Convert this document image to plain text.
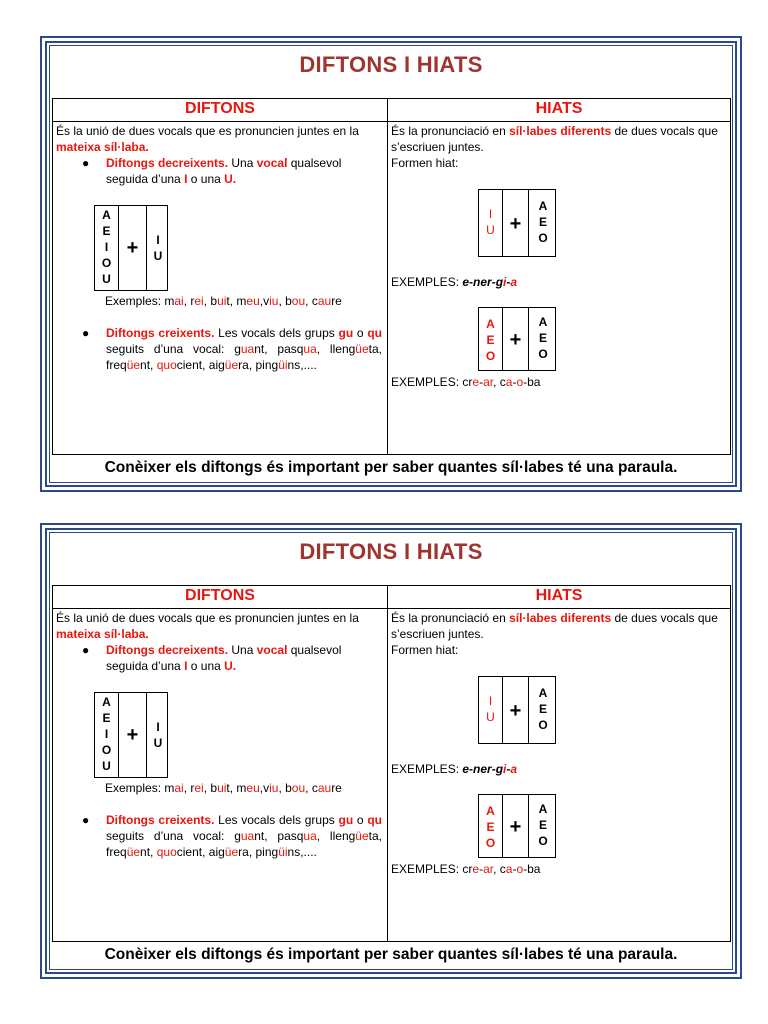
DIFTONS I HIATS
DIFTONS	HIATS
És la unió de dues vocals que es pronuncien juntes en la mateixa síl·laba.
●	Diftongs decreixents. Una vocal qualsevol seguida d’una I o una U.
A
E
I
O
U
+	I
U
Exemples: mai, rei, buit, meu,viu, bou, caure
●	Diftongs creixents. Les vocals dels grups gu o qu seguits d’una vocal: guant, pasqua, llengüeta, freqüent, quocient, aigüera, pingüins,....
És la pronunciació en síl·labes diferents de dues vocals que s’escriuen juntes.
Formen hiat:
I
U +
A
E
O
EXEMPLES: e-ner-gi-a
A
E
O
+
A
E
O
EXEMPLES: cre-ar, ca-o-ba
Conèixer els diftongs és important per saber quantes síl·labes té una paraula.
DIFTONS I HIATS
DIFTONS	HIATS
És la unió de dues vocals que es pronuncien juntes en la mateixa síl·laba.
●	Diftongs decreixents. Una vocal qualsevol seguida d’una I o una U.
A
E
I
O
U
+	I
U
Exemples: mai, rei, buit, meu,viu, bou, caure
●	Diftongs creixents. Les vocals dels grups gu o qu seguits d’una vocal: guant, pasqua, llengüeta, freqüent, quocient, aigüera, pingüins,....
És la pronunciació en síl·labes diferents de dues vocals que s’escriuen juntes.
Formen hiat:
I
U +
A
E
O
EXEMPLES: e-ner-gi-a
A
E
O
+
A
E
O
EXEMPLES: cre-ar, ca-o-ba
Conèixer els diftongs és important per saber quantes síl·labes té una paraula.
